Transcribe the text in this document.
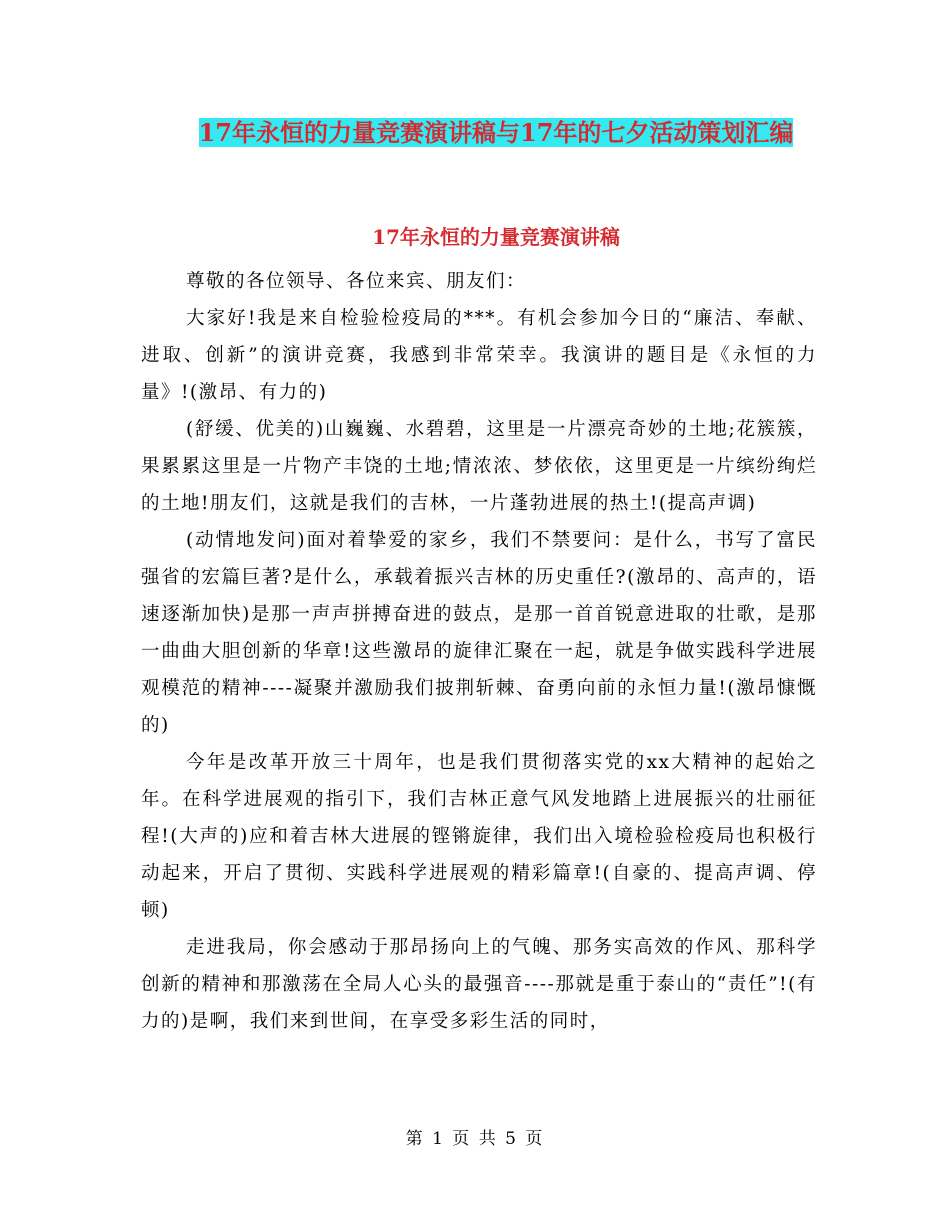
17年永恒的力量竞赛演讲稿与17年的七夕活动策划汇编
17年永恒的力量竞赛演讲稿

尊敬的各位领导、各位来宾、朋友们：

大家好!我是来自检验检疫局的***。有机会参加今日的“廉洁、奉献、进取、创新”的演讲竞赛，我感到非常荣幸。我演讲的题目是《永恒的力量》!(激昂、有力的)

(舒缓、优美的)山巍巍、水碧碧，这里是一片漂亮奇妙的土地;花簇簇，果累累这里是一片物产丰饶的土地;情浓浓、梦依依，这里更是一片缤纷绚烂的土地!朋友们，这就是我们的吉林，一片蓬勃进展的热土!(提高声调)

(动情地发问)面对着挚爱的家乡，我们不禁要问：是什么，书写了富民强省的宏篇巨著?是什么，承载着振兴吉林的历史重任?(激昂的、高声的，语速逐渐加快)是那一声声拼搏奋进的鼓点，是那一首首锐意进取的壮歌，是那一曲曲大胆创新的华章!这些激昂的旋律汇聚在一起，就是争做实践科学进展观模范的精神----凝聚并激励我们披荆斩棘、奋勇向前的永恒力量!(激昂慷慨的)

今年是改革开放三十周年，也是我们贯彻落实党的xx大精神的起始之年。在科学进展观的指引下，我们吉林正意气风发地踏上进展振兴的壮丽征程!(大声的)应和着吉林大进展的铿锵旋律，我们出入境检验检疫局也积极行动起来，开启了贯彻、实践科学进展观的精彩篇章!(自豪的、提高声调、停顿)

走进我局，你会感动于那昂扬向上的气魄、那务实高效的作风、那科学创新的精神和那激荡在全局人心头的最强音----那就是重于泰山的“责任”!(有力的)是啊，我们来到世间，在享受多彩生活的同时，

第 1 页 共 5 页
